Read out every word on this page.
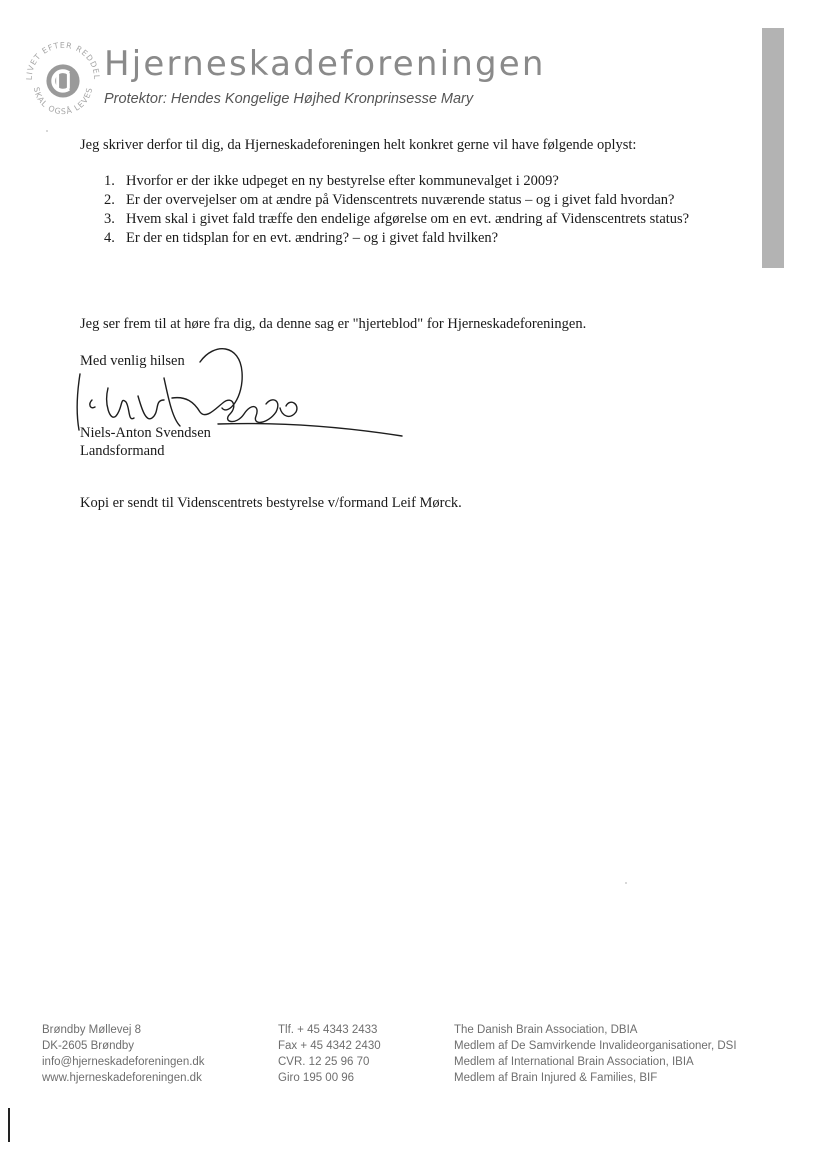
LIVET EFTER REDDEL
SKAL OGSÅ LEVES
Hjerneskadeforeningen
Protektor: Hendes Kongelige Højhed Kronprinsesse Mary
Jeg skriver derfor til dig, da Hjerneskadeforeningen helt konkret gerne vil have følgende oplyst:
1. Hvorfor er der ikke udpeget en ny bestyrelse efter kommunevalget i 2009?
2. Er der overvejelser om at ændre på Videnscentrets nuværende status – og i givet fald hvordan?
3. Hvem skal i givet fald træffe den endelige afgørelse om en evt. ændring af Videnscentrets status?
4. Er der en tidsplan for en evt. ændring? – og i givet fald hvilken?
Jeg ser frem til at høre fra dig, da denne sag er "hjerteblod" for Hjerneskadeforeningen.
Med venlig hilsen
Niels-Anton Svendsen
Landsformand
Kopi er sendt til Videnscentrets bestyrelse v/formand Leif Mørck.
Brøndby Møllevej 8
DK-2605 Brøndby
info@hjerneskadeforeningen.dk
www.hjerneskadeforeningen.dk
Tlf. + 45 4343 2433
Fax + 45 4342 2430
CVR. 12 25 96 70
Giro 195 00 96
The Danish Brain Association, DBIA
Medlem af De Samvirkende Invalideorganisationer, DSI
Medlem af International Brain Association, IBIA
Medlem af Brain Injured & Families, BIF
